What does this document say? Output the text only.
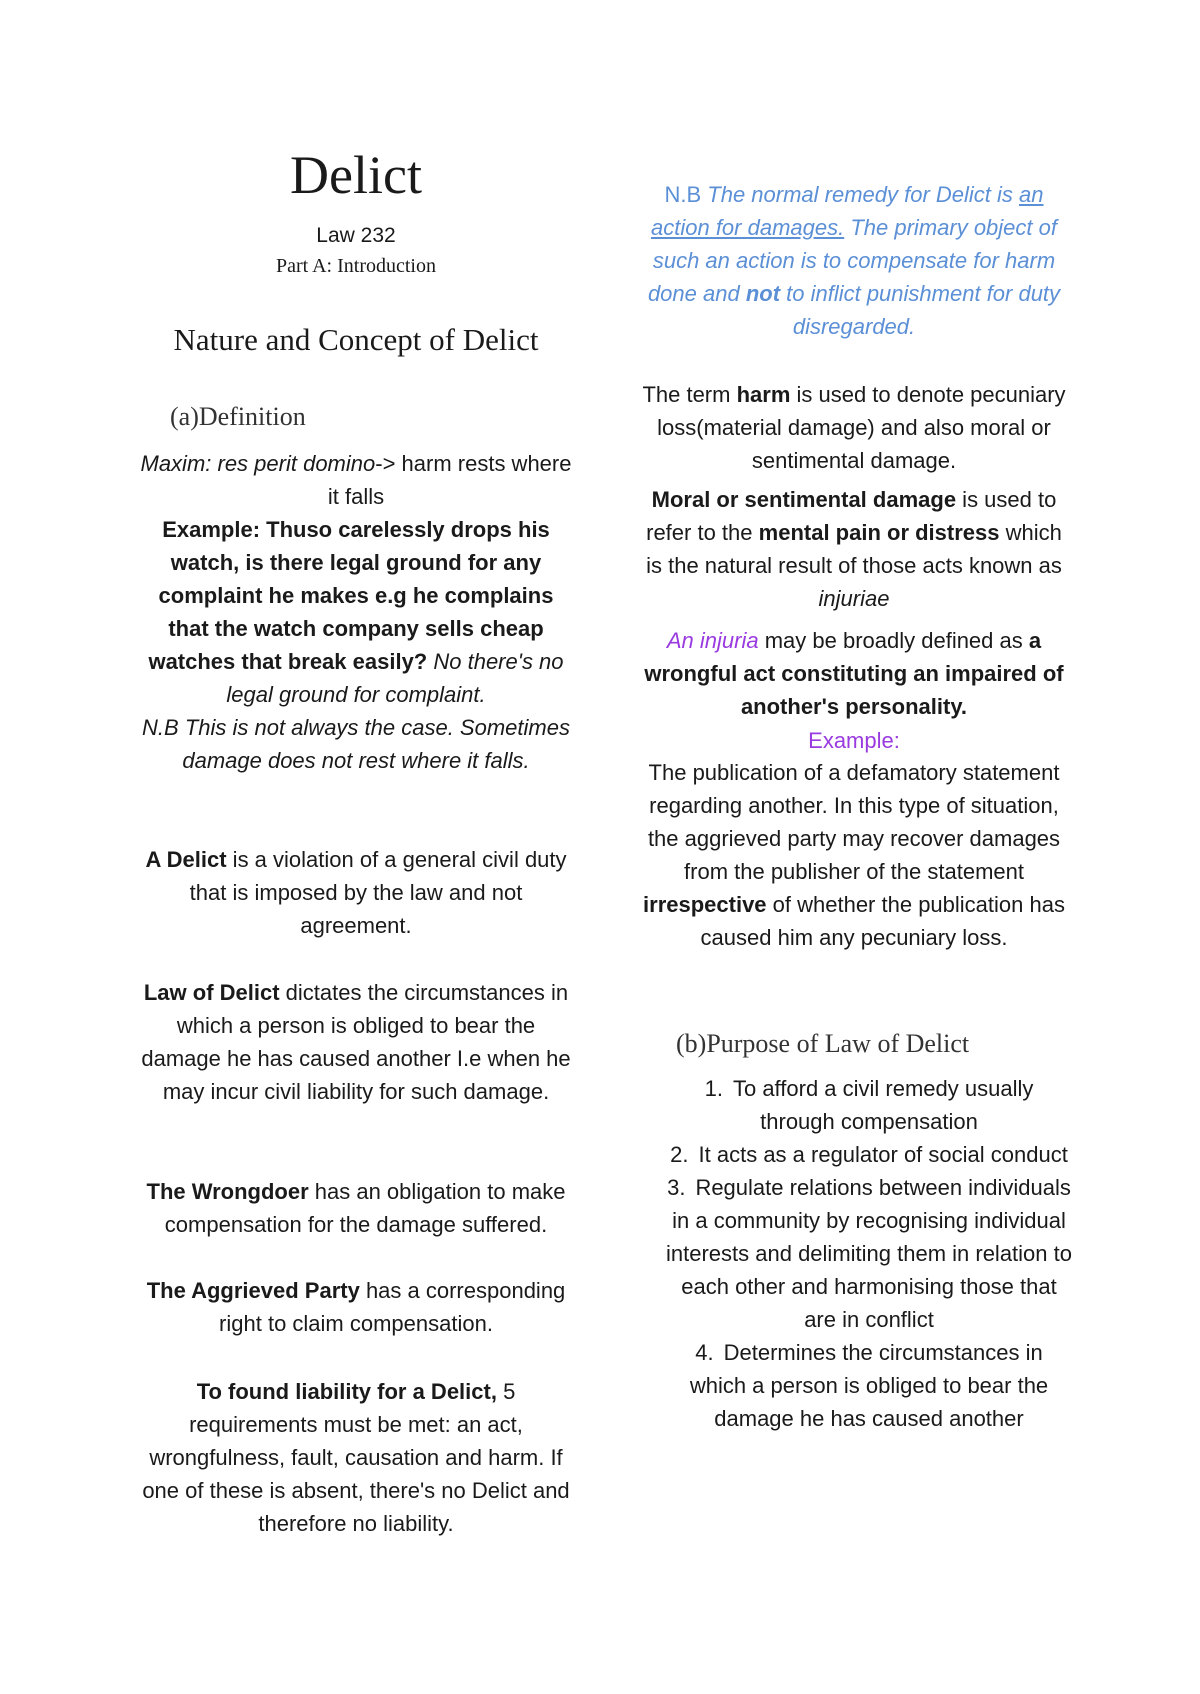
Delict
Law 232
Part A: Introduction
Nature and Concept of Delict
(a)Definition

Maxim: res perit domino-> harm rests where it falls

Example: Thuso carelessly drops his watch, is there legal ground for any complaint he makes e.g he complains that the watch company sells cheap watches that break easily? No there's no legal ground for complaint.

N.B This is not always the case. Sometimes damage does not rest where it falls.

A Delict is a violation of a general civil duty that is imposed by the law and not agreement.

Law of Delict dictates the circumstances in which a person is obliged to bear the damage he has caused another I.e when he may incur civil liability for such damage.

The Wrongdoer has an obligation to make compensation for the damage suffered.

The Aggrieved Party has a corresponding right to claim compensation.

To found liability for a Delict, 5 requirements must be met: an act, wrongfulness, fault, causation and harm. If one of these is absent, there's no Delict and therefore no liability.

N.B The normal remedy for Delict is an action for damages. The primary object of such an action is to compensate for harm done and not to inflict punishment for duty disregarded.

The term harm is used to denote pecuniary loss(material damage) and also moral or sentimental damage.

Moral or sentimental damage is used to refer to the mental pain or distress which is the natural result of those acts known as injuriae

An injuria may be broadly defined as a wrongful act constituting an impaired of another's personality.

Example:

The publication of a defamatory statement regarding another. In this type of situation, the aggrieved party may recover damages from the publisher of the statement irrespective of whether the publication has caused him any pecuniary loss.

(b)Purpose of Law of Delict
1. To afford a civil remedy usually through compensation
2. It acts as a regulator of social conduct
3. Regulate relations between individuals in a community by recognising individual interests and delimiting them in relation to each other and harmonising those that are in conflict
4. Determines the circumstances in which a person is obliged to bear the damage he has caused another
